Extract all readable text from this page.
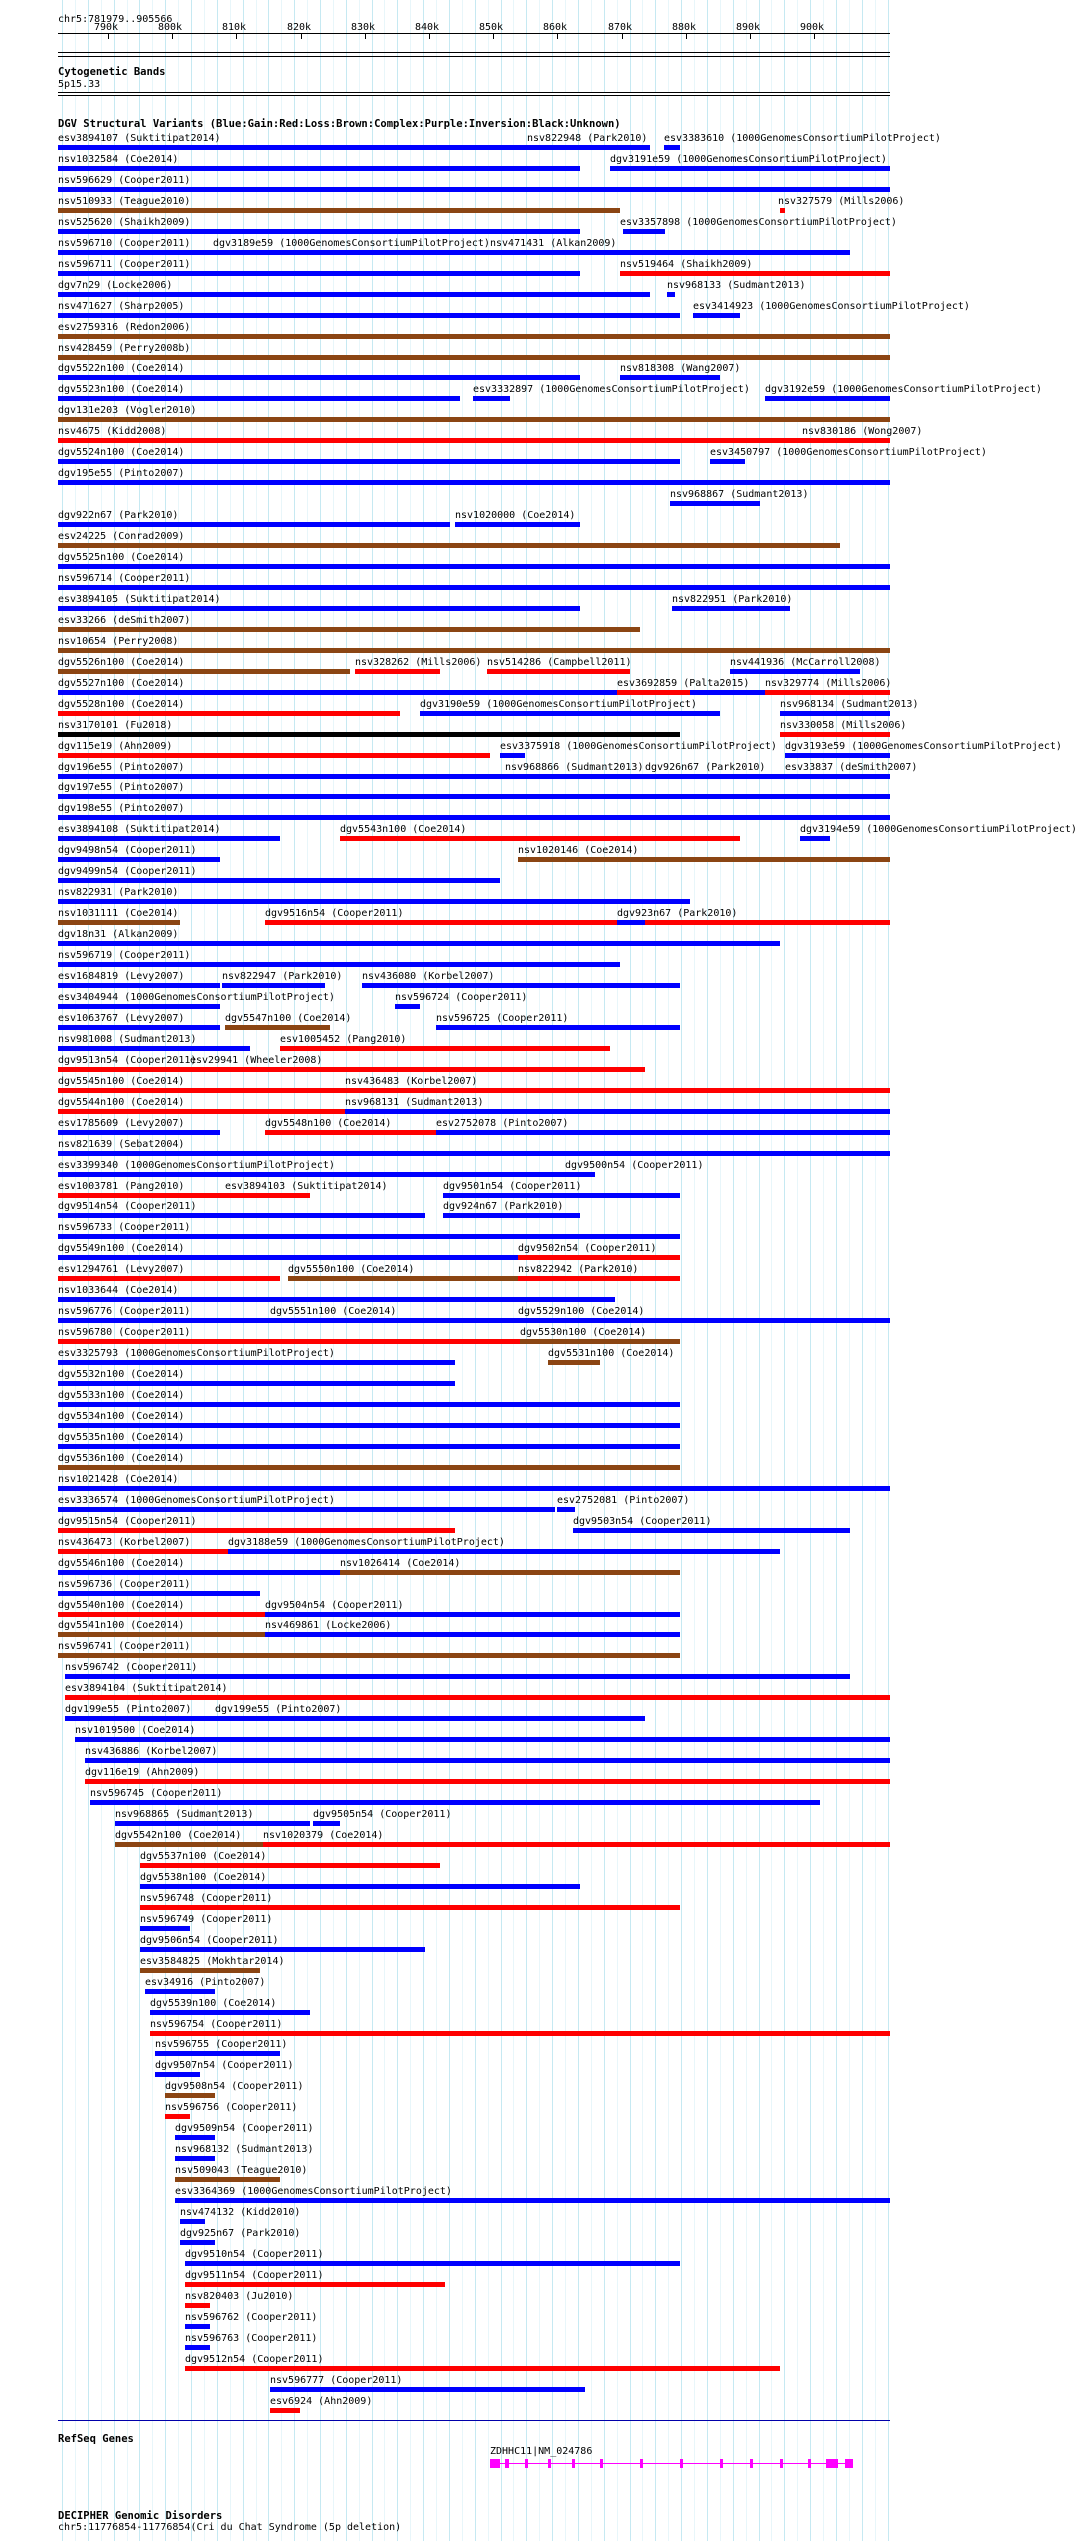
chr5:781979..905566
790k	800k	810k	820k	830k	840k	850k	860k	870k	880k	890k	900k
Cytogenetic Bands
5p15.33
DGV Structural Variants (Blue:Gain:Red:Loss:Brown:Complex:Purple:Inversion:Black:Unknown)
esv3894107 (Suktitipat2014)	nsv822948 (Park2010) esv3383610 (1000GenomesConsortiumPilotProject)
nsv1032584 (Coe2014)	dgv3191e59 (1000GenomesConsortiumPilotProject)
nsv596629 (Cooper2011)
nsv510933 (Teague2010)	nsv327579 (Mills2006)
nsv525620 (Shaikh2009)	esv3357898 (1000GenomesConsortiumPilotProject)
nsv596710 (Cooper2011) dgv3189e59 (1000GenomesConsortiumPilotProject) nsv471431 (Alkan2009)
nsv596711 (Cooper2011)	nsv519464 (Shaikh2009)
dgv7n29 (Locke2006)	nsv968133 (Sudmant2013)
nsv471627 (Sharp2005)	esv3414923 (1000GenomesConsortiumPilotProject)
esv2759316 (Redon2006)
nsv428459 (Perry2008b)
dgv5522n100 (Coe2014)	nsv818308 (Wang2007)
dgv5523n100 (Coe2014)	esv3332897 (1000GenomesConsortiumPilotProject) dgv3192e59 (1000GenomesConsortiumPilotProject)
dgv131e203 (Vogler2010)
nsv4675 (Kidd2008)	nsv830186 (Wong2007)
dgv5524n100 (Coe2014)	esv3450797 (1000GenomesConsortiumPilotProject)
dgv195e55 (Pinto2007)
nsv968867 (Sudmant2013)
dgv922n67 (Park2010)	nsv1020000 (Coe2014)
esv24225 (Conrad2009)
dgv5525n100 (Coe2014)
nsv596714 (Cooper2011)
esv3894105 (Suktitipat2014)	nsv822951 (Park2010)
esv33266 (deSmith2007)
nsv10654 (Perry2008)
dgv5526n100 (Coe2014)	nsv328262 (Mills2006) nsv514286 (Campbell2011)	nsv441936 (McCarroll2008)
dgv5527n100 (Coe2014)	esv3692859 (Palta2015) nsv329774 (Mills2006)
dgv5528n100 (Coe2014)	dgv3190e59 (1000GenomesConsortiumPilotProject)	nsv968134 (Sudmant2013)
nsv3170101 (Fu2018)	nsv330058 (Mills2006)
dgv115e19 (Ahn2009)	esv3375918 (1000GenomesConsortiumPilotProject) dgv3193e59 (1000GenomesConsortiumPilotProject)
dgv196e55 (Pinto2007)	nsv968866 (Sudmant2013) dgv926n67 (Park2010) esv33837 (deSmith2007)
dgv197e55 (Pinto2007)
dgv198e55 (Pinto2007)
esv3894108 (Suktitipat2014)	dgv5543n100 (Coe2014)	dgv3194e59 (1000GenomesConsortiumPilotProject)
dgv9498n54 (Cooper2011)	nsv1020146 (Coe2014)
dgv9499n54 (Cooper2011)
nsv822931 (Park2010)
nsv1031111 (Coe2014)	dgv9516n54 (Cooper2011)	dgv923n67 (Park2010)
dgv18n31 (Alkan2009)
nsv596719 (Cooper2011)
esv1684819 (Levy2007)	nsv822947 (Park2010) nsv436080 (Korbel2007)
esv3404944 (1000GenomesConsortiumPilotProject)	nsv596724 (Cooper2011)
esv1063767 (Levy2007)	dgv5547n100 (Coe2014)	nsv596725 (Cooper2011)
nsv981008 (Sudmant2013)	esv1005452 (Pang2010)
dgv9513n54 (Cooper2011)
esv29941 (Wheeler2008)
dgv5545n100 (Coe2014)	nsv436483 (Korbel2007)
dgv5544n100 (Coe2014)	nsv968131 (Sudmant2013)
esv1785609 (Levy2007)	dgv5548n100 (Coe2014)	esv2752078 (Pinto2007)
nsv821639 (Sebat2004)
esv3399340 (1000GenomesConsortiumPilotProject)	dgv9500n54 (Cooper2011)
esv1003781 (Pang2010)	esv3894103 (Suktitipat2014)	dgv9501n54 (Cooper2011)
dgv9514n54 (Cooper2011)	dgv924n67 (Park2010)
nsv596733 (Cooper2011)
dgv5549n100 (Coe2014)	dgv9502n54 (Cooper2011)
esv1294761 (Levy2007)	dgv5550n100 (Coe2014)	nsv822942 (Park2010)
nsv1033644 (Coe2014)
nsv596776 (Cooper2011)	dgv5551n100 (Coe2014)	dgv5529n100 (Coe2014)
nsv596780 (Cooper2011)	dgv5530n100 (Coe2014)
esv3325793 (1000GenomesConsortiumPilotProject)	dgv5531n100 (Coe2014)
dgv5532n100 (Coe2014)
dgv5533n100 (Coe2014)
dgv5534n100 (Coe2014)
dgv5535n100 (Coe2014)
dgv5536n100 (Coe2014)
nsv1021428 (Coe2014)
esv3336574 (1000GenomesConsortiumPilotProject)	esv2752081 (Pinto2007)
dgv9515n54 (Cooper2011)	dgv9503n54 (Cooper2011)
nsv436473 (Korbel2007)	dgv3188e59 (1000GenomesConsortiumPilotProject)
dgv5546n100 (Coe2014)	nsv1026414 (Coe2014)
nsv596736 (Cooper2011)
dgv5540n100 (Coe2014)	dgv9504n54 (Cooper2011)
dgv5541n100 (Coe2014)	nsv469861 (Locke2006)
nsv596741 (Cooper2011)
nsv596742 (Cooper2011)
esv3894104 (Suktitipat2014)
dgv199e55 (Pinto2007) dgv199e55 (Pinto2007)
nsv1019500 (Coe2014)
nsv436886 (Korbel2007)
dgv116e19 (Ahn2009)
nsv596745 (Cooper2011)
nsv968865 (Sudmant2013)	dgv9505n54 (Cooper2011)
dgv5542n100 (Coe2014) nsv1020379 (Coe2014)
dgv5537n100 (Coe2014)
dgv5538n100 (Coe2014)
nsv596748 (Cooper2011)
nsv596749 (Cooper2011)
dgv9506n54 (Cooper2011)
esv3584825 (Mokhtar2014)
esv34916 (Pinto2007)
dgv5539n100 (Coe2014)
nsv596754 (Cooper2011)
nsv596755 (Cooper2011)
dgv9507n54 (Cooper2011)
dgv9508n54 (Cooper2011)
nsv596756 (Cooper2011)
dgv9509n54 (Cooper2011)
nsv968132 (Sudmant2013)
nsv509043 (Teague2010)
esv3364369 (1000GenomesConsortiumPilotProject)
nsv474132 (Kidd2010)
dgv925n67 (Park2010)
dgv9510n54 (Cooper2011)
dgv9511n54 (Cooper2011)
nsv820403 (Ju2010)
nsv596762 (Cooper2011)
nsv596763 (Cooper2011)
dgv9512n54 (Cooper2011)
nsv596777 (Cooper2011)
esv6924 (Ahn2009)
RefSeq Genes
ZDHHC11|NM_024786
DECIPHER Genomic Disorders
chr5:11776854-11776854(Cri du Chat Syndrome (5p deletion)
